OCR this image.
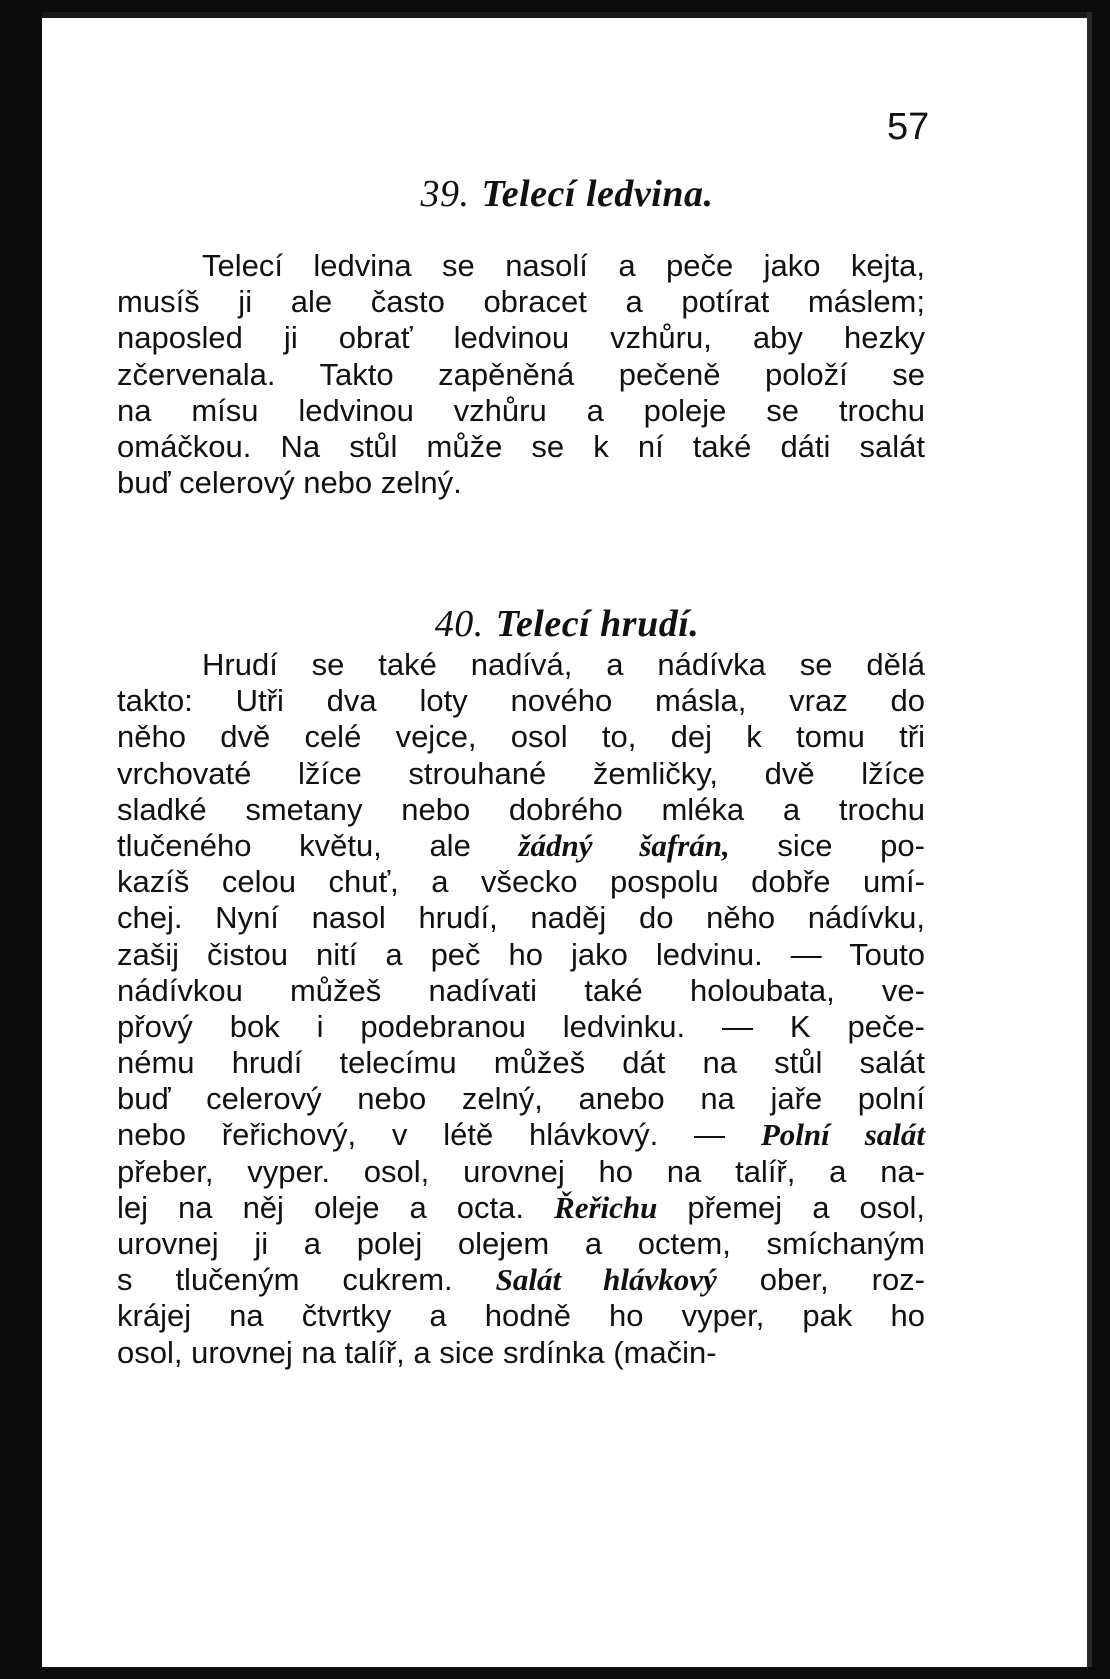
57
39. Telecí ledvina.
Telecí ledvina se nasolí a peče jako kejta,
musíš ji ale často obracet a potírat máslem;
naposled ji obrať ledvinou vzhůru, aby hezky
zčervenala. Takto zapěněná pečeně položí se
na mísu ledvinou vzhůru a poleje se trochu
omáčkou. Na stůl může se k ní také dáti salát
buď celerový nebo zelný.
40. Telecí hrudí.
Hrudí se také nadívá, a nádívka se dělá
takto: Utři dva loty nového másla, vraz do
něho dvě celé vejce, osol to, dej k tomu tři
vrchovaté lžíce strouhané žemličky, dvě lžíce
sladké smetany nebo dobrého mléka a trochu
tlučeného květu, ale žádný šafrán, sice po-
kazíš celou chuť, a všecko pospolu dobře umí-
chej. Nyní nasol hrudí, naděj do něho nádívku,
zašij čistou nití a peč ho jako ledvinu. — Touto
nádívkou můžeš nadívati také holoubata, ve-
přový bok i podebranou ledvinku. — K peče-
nému hrudí telecímu můžeš dát na stůl salát
buď celerový nebo zelný, anebo na jaře polní
nebo řeřichový, v létě hlávkový. — Polní salát
přeber, vyper. osol, urovnej ho na talíř, a na-
lej na něj oleje a octa. Řeřichu přemej a osol,
urovnej ji a polej olejem a octem, smíchaným
s tlučeným cukrem. Salát hlávkový ober, roz-
krájej na čtvrtky a hodně ho vyper, pak ho
osol, urovnej na talíř, a sice srdínka (mačin-
